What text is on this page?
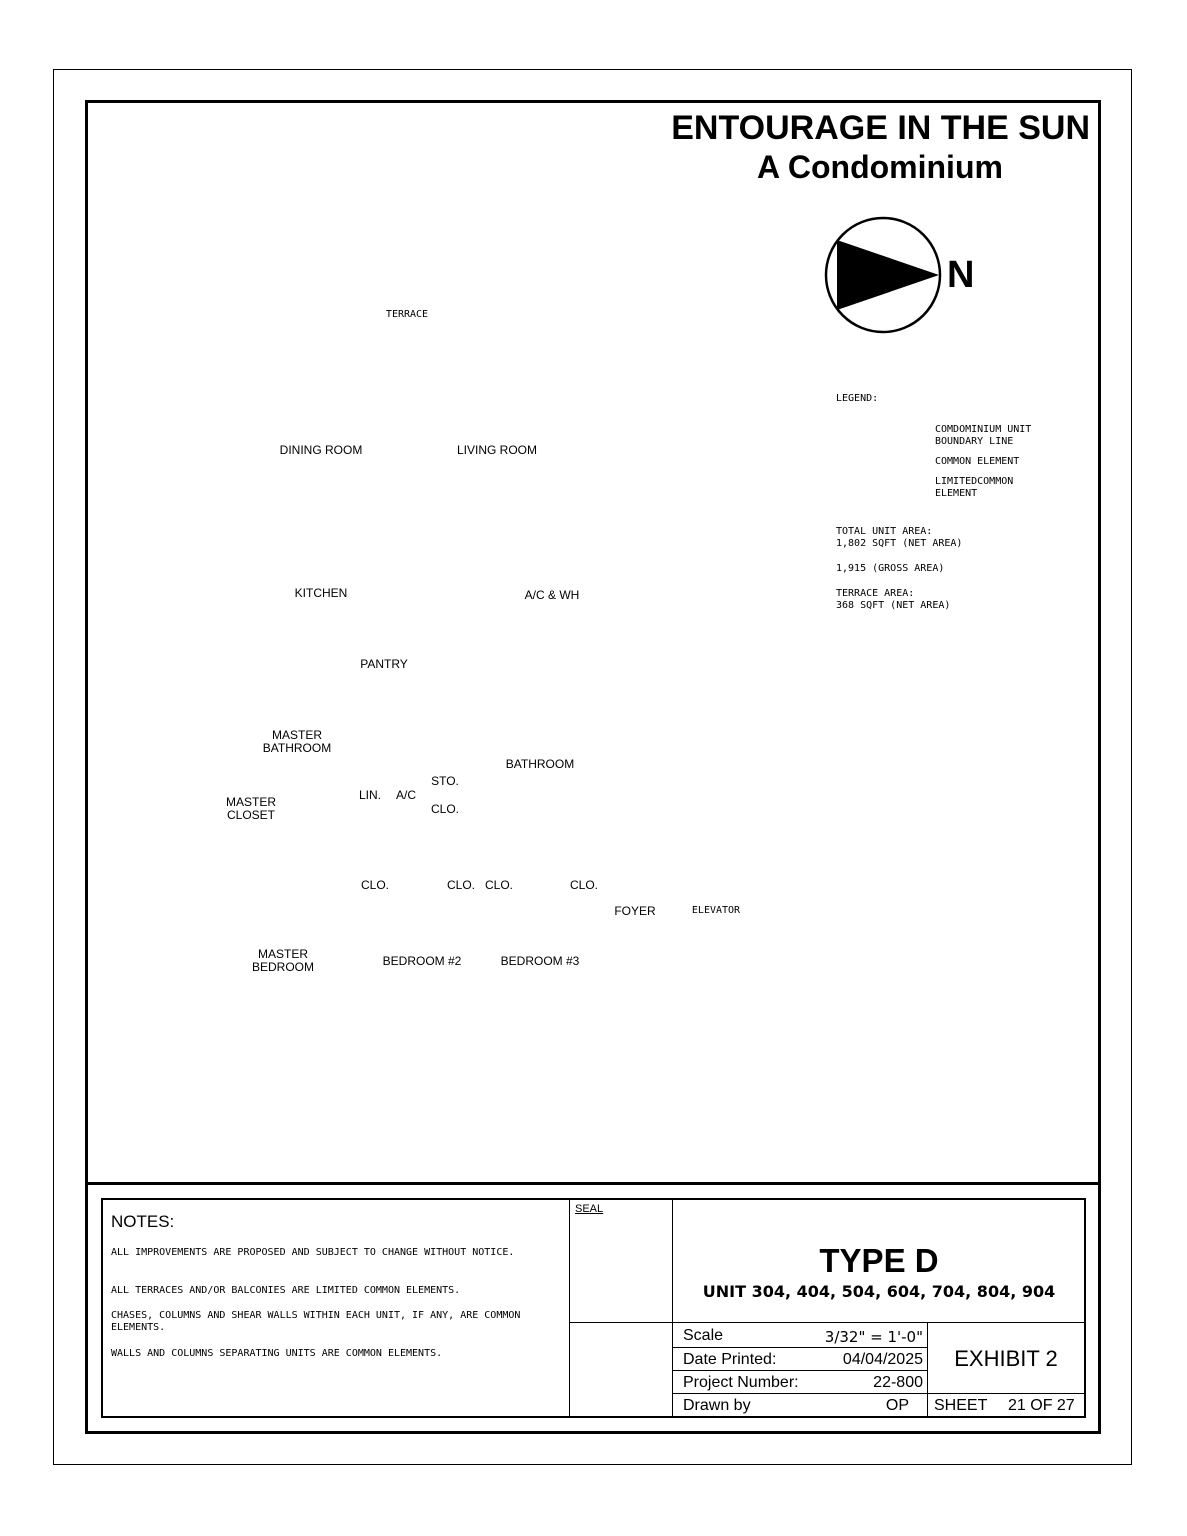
ENTOURAGE IN THE SUN
A Condominium
N
TERRACE
DINING ROOM	LIVING ROOM
KITCHEN	A/C & WH
PANTRY
MASTER
BATHROOM
BATHROOM
MASTER
CLOSET
LIN. A/C
STO.
CLO.
CLO.	CLO. CLO.	CLO.
FOYER	ELEVATOR
MASTER
BEDROOM	BEDROOM #2	BEDROOM #3
LEGEND:
COMDOMINIUM UNIT
BOUNDARY LINE
COMMON ELEMENT
LIMITEDCOMMON
ELEMENT
TOTAL UNIT AREA:
1,802 SQFT (NET AREA)
1,915 (GROSS AREA)
TERRACE AREA:
368 SQFT (NET AREA)
NOTES:
ALL IMPROVEMENTS ARE PROPOSED AND SUBJECT TO CHANGE WITHOUT NOTICE.
ALL TERRACES AND/OR BALCONIES ARE LIMITED COMMON ELEMENTS.
CHASES, COLUMNS AND SHEAR WALLS WITHIN EACH UNIT, IF ANY, ARE COMMON ELEMENTS.
WALLS AND COLUMNS SEPARATING UNITS ARE COMMON ELEMENTS.
SEAL
TYPE D
UNIT 304, 404, 504, 604, 704, 804, 904
Scale	3/32" = 1'-0"
Date Printed:	04/04/2025
Project Number:	22-800
Drawn by	OP
EXHIBIT 2
SHEET 21 OF 27
